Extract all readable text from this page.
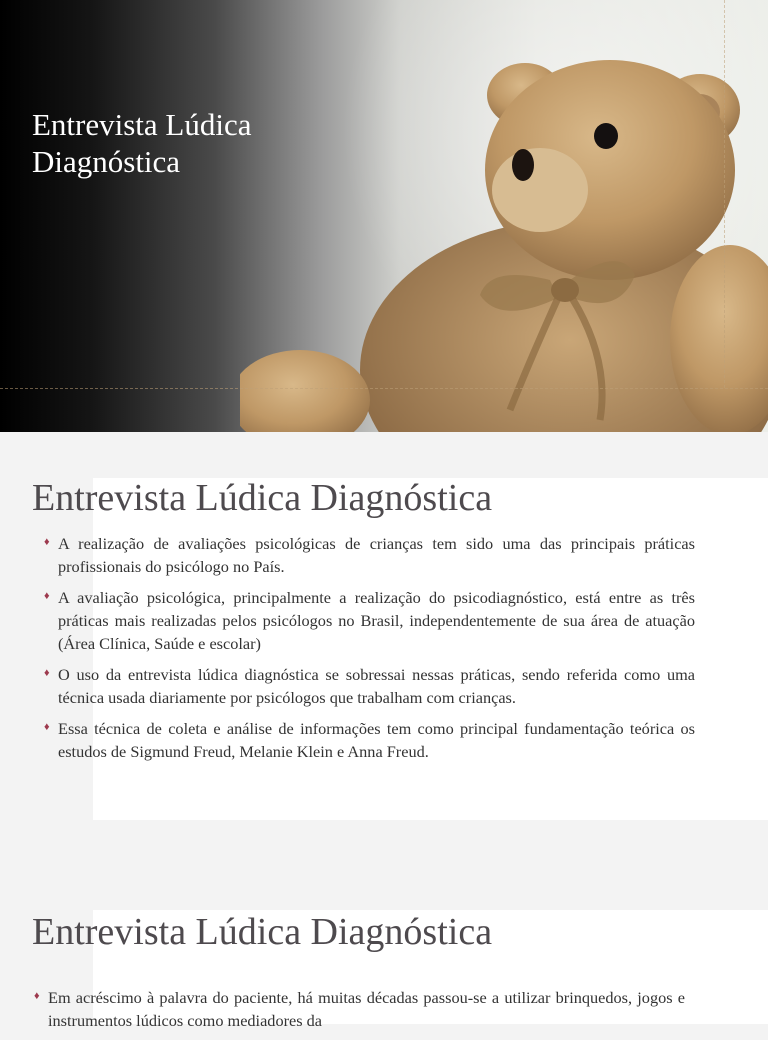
Entrevista Lúdica
Diagnóstica
Entrevista Lúdica Diagnóstica
♦ A realização de avaliações psicológicas de crianças tem sido uma das principais práticas profissionais do psicólogo no País.
♦ A avaliação psicológica, principalmente a realização do psicodiagnóstico, está entre as três práticas mais realizadas pelos psicólogos no Brasil, independentemente de sua área de atuação (Área Clínica, Saúde e escolar)
♦ O uso da entrevista lúdica diagnóstica se sobressai nessas práticas, sendo referida como uma técnica usada diariamente por psicólogos que trabalham com crianças.
♦ Essa técnica de coleta e análise de informações tem como principal fundamentação teórica os estudos de Sigmund Freud, Melanie Klein e Anna Freud.
Entrevista Lúdica Diagnóstica
♦ Em acréscimo à palavra do paciente, há muitas décadas passou-se a utilizar brinquedos, jogos e instrumentos lúdicos como mediadores da
